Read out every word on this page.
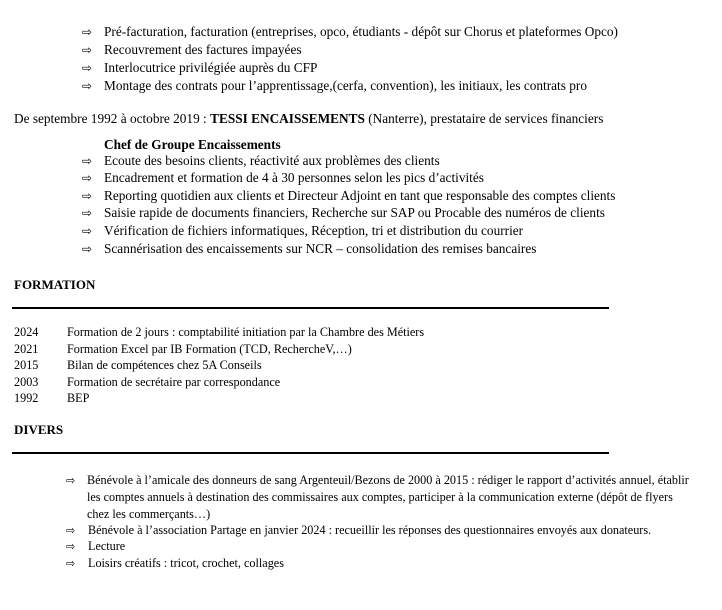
⇨ Pré-facturation, facturation (entreprises, opco, étudiants - dépôt sur Chorus et plateformes Opco)
⇨ Recouvrement des factures impayées
⇨ Interlocutrice privilégiée auprès du CFP
⇨ Montage des contrats pour l’apprentissage,(cerfa, convention), les initiaux, les contrats pro
De septembre 1992 à octobre 2019 : TESSI ENCAISSEMENTS (Nanterre), prestataire de services financiers
Chef de Groupe Encaissements
⇨ Ecoute des besoins clients, réactivité aux problèmes des clients
⇨ Encadrement et formation de 4 à 30 personnes selon les pics d’activités
⇨ Reporting quotidien aux clients et Directeur Adjoint en tant que responsable des comptes clients
⇨ Saisie rapide de documents financiers, Recherche sur SAP ou Procable des numéros de clients
⇨ Vérification de fichiers informatiques, Réception, tri et distribution du courrier
⇨ Scannérisation des encaissements sur NCR – consolidation des remises bancaires
FORMATION
2024 Formation de 2 jours : comptabilité initiation par la Chambre des Métiers
2021 Formation Excel par IB Formation (TCD, RechercheV,…)
2015 Bilan de compétences chez 5A Conseils
2003 Formation de secrétaire par correspondance
1992 BEP
DIVERS
⇨ Bénévole à l’amicale des donneurs de sang Argenteuil/Bezons de 2000 à 2015 : rédiger le rapport d’activités annuel, établir les comptes annuels à destination des commissaires aux comptes, participer à la communication externe (dépôt de flyers chez les commerçants…)
⇨ Bénévole à l’association Partage en janvier 2024 : recueillir les réponses des questionnaires envoyés aux donateurs.
⇨ Lecture
⇨ Loisirs créatifs : tricot, crochet, collages
